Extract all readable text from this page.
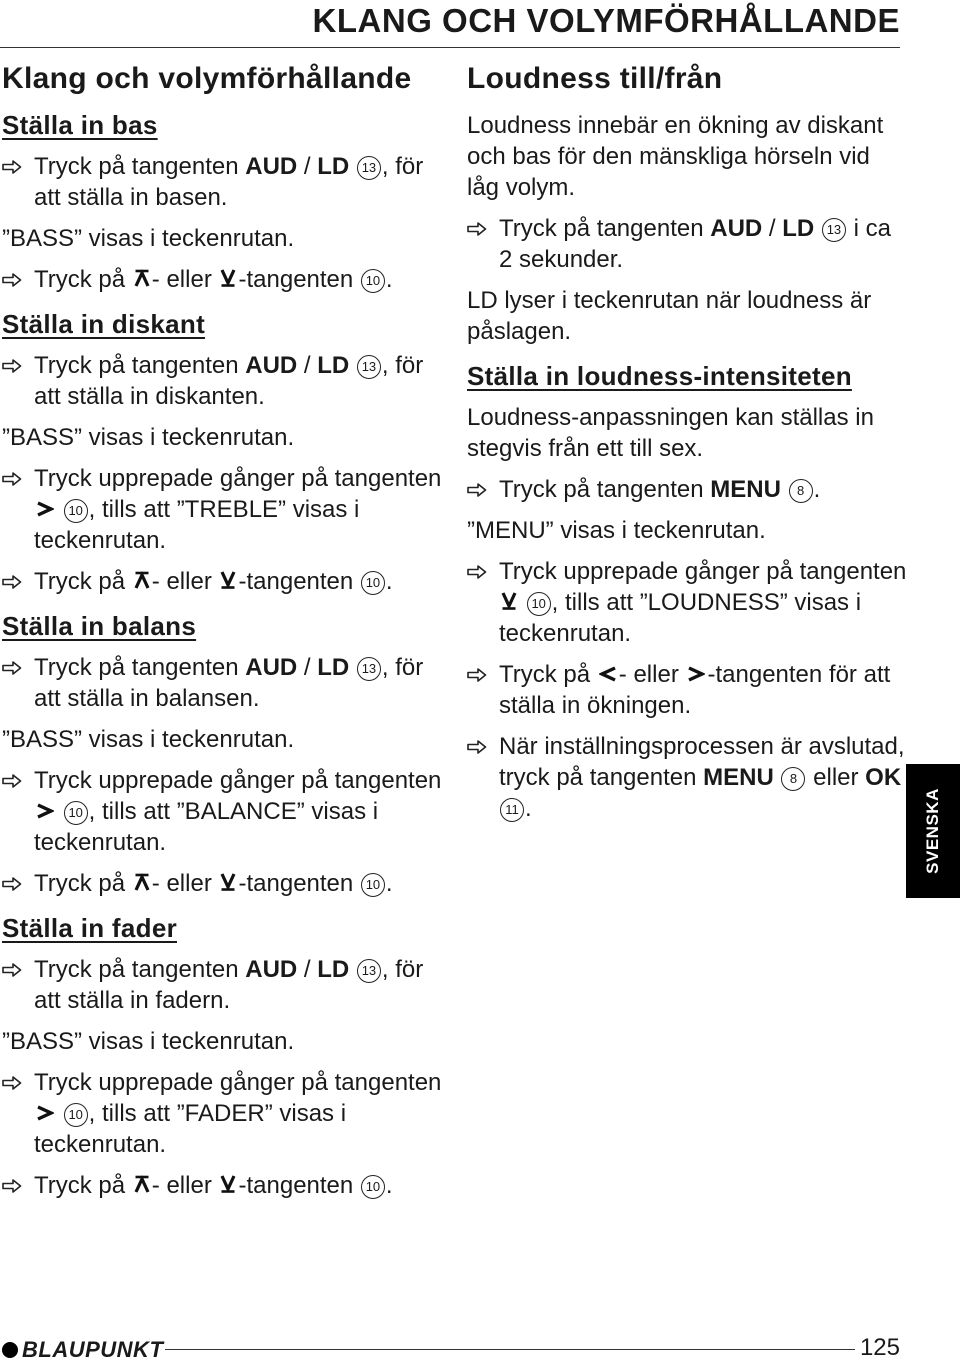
KLANG OCH VOLYMFÖRHÅLLANDE
Klang och volymförhållande
Ställa in bas
Tryck på tangenten AUD / LD 13 , för att ställa in basen.
”BASS” visas i teckenrutan.
Tryck på - eller -tangenten 10 .
Ställa in diskant
Tryck på tangenten AUD / LD 13 , för att ställa in diskanten.
”BASS” visas i teckenrutan.
Tryck upprepade gånger på tangenten  10 , tills att ”TREBLE” visas i teckenrutan.
Tryck på - eller -tangenten 10 .
Ställa in balans
Tryck på tangenten AUD / LD 13 , för att ställa in balansen.
”BASS” visas i teckenrutan.
Tryck upprepade gånger på tangenten  10 , tills att ”BALANCE” visas i teckenrutan.
Tryck på - eller -tangenten 10 .
Ställa in fader
Tryck på tangenten AUD / LD 13 , för att ställa in fadern.
”BASS” visas i teckenrutan.
Tryck upprepade gånger på tangenten  10 , tills att ”FADER” visas i teckenrutan.
Tryck på - eller -tangenten 10 .
Loudness till/från
Loudness innebär en ökning av diskant och bas för den mänskliga hörseln vid låg volym.
Tryck på tangenten AUD / LD 13 i ca 2 sekunder.
LD lyser i teckenrutan när loudness är påslagen.
Ställa in loudness-intensiteten
Loudness-anpassningen kan ställas in stegvis från ett till sex.
Tryck på tangenten MENU 8 .
”MENU” visas i teckenrutan.
Tryck upprepade gånger på tangenten  10 , tills att ”LOUDNESS” visas i teckenrutan.
Tryck på - eller -tangenten för att ställa in ökningen.
När inställningsprocessen är avslutad, tryck på tangenten MENU 8 eller OK 11 .	SVENSKA
BLAUPUNKT	125
